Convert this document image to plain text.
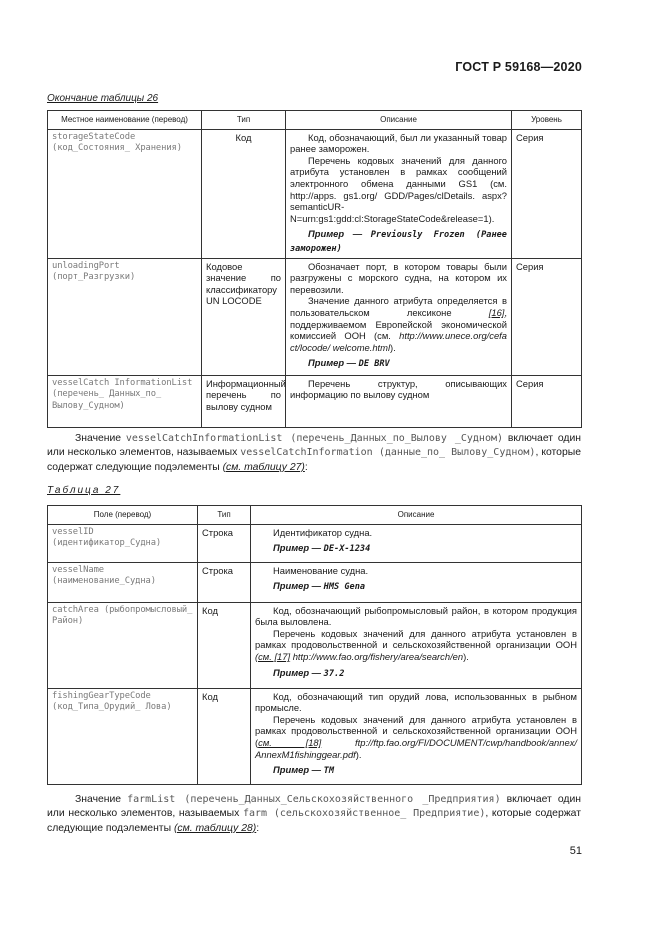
ГОСТ Р 59168—2020
Окончание таблицы 26
Местное наименование (перевод)	Тип	Описание	Уровень
storageStateCode (код_Состояния_ Хранения)	Код	Код, обозначающий, был ли указанный товар ранее заморожен.

Перечень кодовых значений для данного атрибута установлен в рамках сообщений электронного обмена данными GS1 (см. http://apps. gs1.org/ GDD/Pages/clDetails. aspx?semanticURN=urn:gs1:gdd:cl:StorageStateCode&release=1).

Пример — Previously Frozen (Ранее заморожен)	Серия
unloadingPort (порт_Разгрузки)	Кодовое значение по классификатору UN LOCODE	Обозначает порт, в котором товары были разгружены с морского судна, на котором их перевозили.

Значение данного атрибута определяется в пользовательском лексиконе [16], поддерживаемом Европейской экономической комиссией ООН (см. http://www.unece.org/cefa ct/locode/ welcome.html).

Пример — DE BRV	Серия
vesselCatch InformationList (перечень_ Данных_по_ Вылову_Судном)	Информационный перечень по вылову судном	Перечень структур, описывающих информацию по вылову судном	Серия
Значение vesselCatchInformationList (перечень_Данных_по_Вылову _Судном) включает один или несколько элементов, называемых vesselCatchInformation (данные_по_ Вылову_Судном), которые содержат следующие подэлементы (см. таблицу 27):
Таблица 27
Поле (перевод)	Тип	Описание
vesselID (идентификатор_Судна)	Строка	Идентификатор судна.

Пример — DE-X-1234

vesselName (наименование_Судна)	Строка	Наименование судна.

Пример — HMS Gena

catchArea (рыбопромысловый_ Район)	Код	Код, обозначающий рыбопромысловый район, в котором продукция была выловлена.

Перечень кодовых значений для данного атрибута установлен в рамках продовольственной и сельскохозяйственной организации ООН (см. [17] http://www.fao.org/fishery/area/search/en).

Пример — 37.2

fishingGearTypeCode (код_Типа_Орудий_ Лова)	Код	Код, обозначающий тип орудий лова, использованных в рыбном промысле.

Перечень кодовых значений для данного атрибута установлен в рамках продовольственной и сельскохозяйственной организации ООН (см. [18] ftp://ftp.fao.org/FI/DOCUMENT/cwp/handbook/annex/ AnnexM1fishinggear.pdf).

Пример — TM

Значение farmList (перечень_Данных_Сельскохозяйственного _Предприятия) включает один или несколько элементов, называемых farm (сельскохозяйственное_ Предприятие), которые содержат следующие подэлементы (см. таблицу 28):
51
